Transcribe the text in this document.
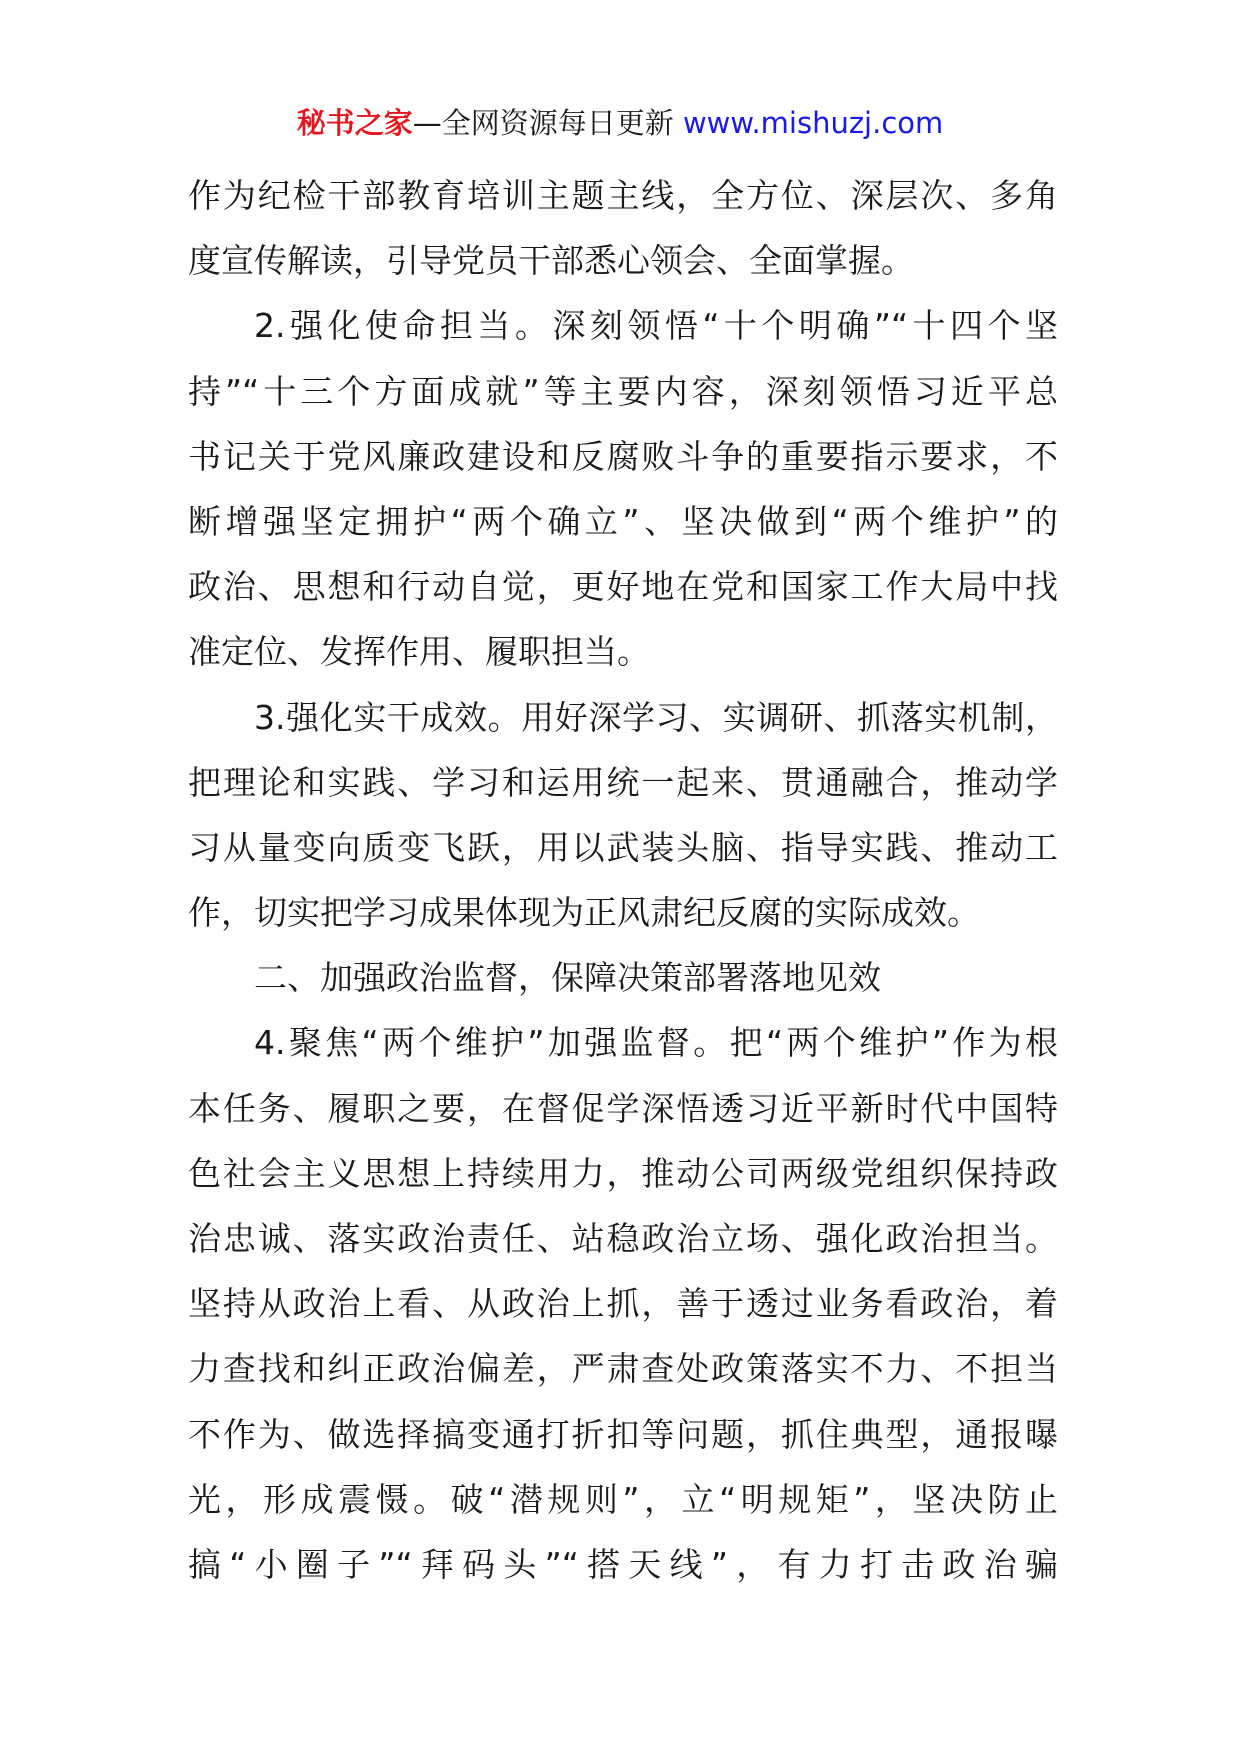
秘书之家—全网资源每日更新 www.mishuzj.com
作为纪检干部教育培训主题主线，全方位、深层次、多角
度宣传解读，引导党员干部悉心领会、全面掌握。
2.强化使命担当。深刻领悟“十个明确”“十四个坚
持”“十三个方面成就”等主要内容，深刻领悟习近平总
书记关于党风廉政建设和反腐败斗争的重要指示要求，不
断增强坚定拥护“两个确立”、坚决做到“两个维护”的
政治、思想和行动自觉，更好地在党和国家工作大局中找
准定位、发挥作用、履职担当。
3.强化实干成效。用好深学习、实调研、抓落实机制，
把理论和实践、学习和运用统一起来、贯通融合，推动学
习从量变向质变飞跃，用以武装头脑、指导实践、推动工
作，切实把学习成果体现为正风肃纪反腐的实际成效。
二、加强政治监督，保障决策部署落地见效
4.聚焦“两个维护”加强监督。把“两个维护”作为根
本任务、履职之要，在督促学深悟透习近平新时代中国特
色社会主义思想上持续用力，推动公司两级党组织保持政
治忠诚、落实政治责任、站稳政治立场、强化政治担当。
坚持从政治上看、从政治上抓，善于透过业务看政治，着
力查找和纠正政治偏差，严肃查处政策落实不力、不担当
不作为、做选择搞变通打折扣等问题，抓住典型，通报曝
光，形成震慑。破“潜规则”，立“明规矩”，坚决防止
搞“小圈子”“拜码头”“搭天线”，有力打击政治骗
